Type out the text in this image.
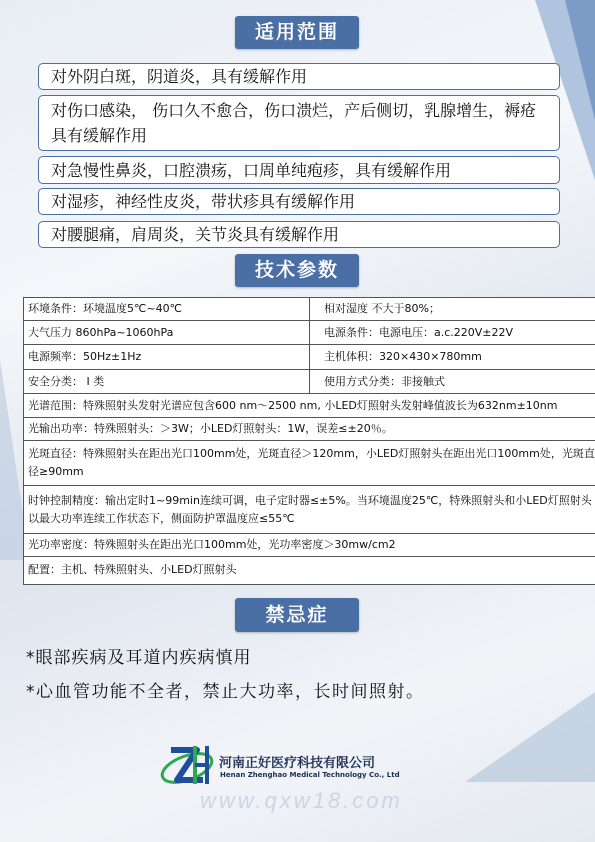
适用范围
对外阴白斑，阴道炎，具有缓解作用
对伤口感染， 伤口久不愈合，伤口溃烂，产后侧切，乳腺增生，褥疮具有缓解作用
对急慢性鼻炎，口腔溃疡，口周单纯疱疹，具有缓解作用
对湿疹，神经性皮炎，带状疹具有缓解作用
对腰腿痛，肩周炎，关节炎具有缓解作用
技术参数
环境条件：环境温度5℃~40℃	相对湿度 不大于80%；
大气压力 860hPa~1060hPa	电源条件：电源电压：a.c.220V±22V
电源频率：50Hz±1Hz	主机体积：320×430×780mm
安全分类： I 类	使用方式分类：非接触式
光谱范围：特殊照射头发射光谱应包含600 nm～2500 nm, 小LED灯照射头发射峰值波长为632nm±10nm
光输出功率：特殊照射头：＞3W；小LED灯照射头：1W，误差≤±20％。
光斑直径：特殊照射头在距出光口100mm处，光斑直径＞120mm，小LED灯照射头在距出光口100mm处，光斑直径≥90mm
时钟控制精度：输出定时1~99min连续可调，电子定时器≤±5%。当环境温度25℃，特殊照射头和小LED灯照射头以最大功率连续工作状态下，侧面防护罩温度应≤55℃
光功率密度：特殊照射头在距出光口100mm处，光功率密度＞30mw/cm2
配置：主机、特殊照射头、小LED灯照射头
禁忌症
*眼部疾病及耳道内疾病慎用
*心血管功能不全者，禁止大功率，长时间照射。
河南正好医疗科技有限公司
Henan Zhenghao Medical Technology Co., Ltd
www.qxw18.com
